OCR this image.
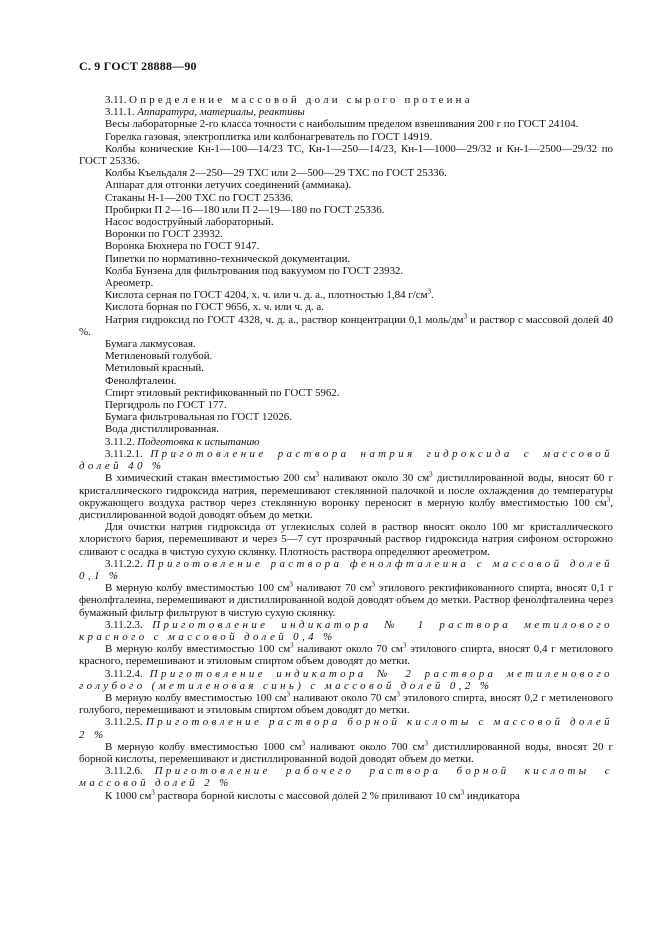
С. 9 ГОСТ 28888—90

3.11. Определение массовой доли сырого протеина

3.11.1. Аппаратура, материалы, реактивы

Весы лабораторные 2-го класса точности с наибольшим пределом взвешивания 200 г по ГОСТ 24104.

Горелка газовая, электроплитка или колбонагреватель по ГОСТ 14919.

Колбы конические Кн-1—100—14/23 ТС, Кн-1—250—14/23, Кн-1—1000—29/32 и Кн-1—2500—29/32 по ГОСТ 25336.

Колбы Къельдаля 2—250—29 ТХС или 2—500—29 ТХС по ГОСТ 25336.

Аппарат для отгонки летучих соединений (аммиака).

Стаканы Н-1—200 ТХС по ГОСТ 25336.

Пробирки П 2—16—180 или П 2—19—180 по ГОСТ 25336.

Насос водоструйный лабораторный.

Воронки по ГОСТ 23932.

Воронка Бюхнера по ГОСТ 9147.

Пипетки по нормативно-технической документации.

Колба Бунзена для фильтрования под вакуумом по ГОСТ 23932.

Ареометр.

Кислота серная по ГОСТ 4204, х. ч. или ч. д. а., плотностью 1,84 $г/см^3$.

Кислота борная по ГОСТ 9656, х. ч. или ч. д. а.

Натрия гидроксид по ГОСТ 4328, ч. д. а., раствор концентрации 0,1 моль/$дм^3$ и раствор с массовой долей 40 %.

Бумага лакмусовая.

Метиленовый голубой.

Метиловый красный.

Фенолфталеин.

Спирт этиловый ректификованный по ГОСТ 5962.

Пергидроль по ГОСТ 177.

Бумага фильтровальная по ГОСТ 12026.

Вода дистиллированная.

3.11.2. Подготовка к испытанию

3.11.2.1. Приготовление раствора натрия гидроксида с массовой долей 40 %

В химический стакан вместимостью 200 $см^3$ наливают около 30 $см^3$ дистиллированной воды, вносят 60 г кристаллического гидроксида натрия, перемешивают стеклянной палочкой и после охлаждения до температуры окружающего воздуха раствор через стеклянную воронку переносят в мерную колбу вместимостью 100 $см^3$, дистиллированной водой доводят объем до метки.

Для очистки натрия гидроксида от углекислых солей в раствор вносят около 100 мг кристаллического хлористого бария, перемешивают и через 5—7 сут прозрачный раствор гидроксида натрия сифоном осторожно сливают с осадка в чистую сухую склянку. Плотность раствора определяют ареометром.

3.11.2.2. Приготовление раствора фенолфталеина с массовой долей 0,1 %

В мерную колбу вместимостью 100 $см^3$ наливают 70 $см^3$ этилового ректификованного спирта, вносят 0,1 г фенолфталеина, перемешивают и дистиллированной водой доводят объем до метки. Раствор фенолфталеина через бумажный фильтр фильтруют в чистую сухую склянку.

3.11.2.3. Приготовление индикатора № 1 раствора метилового красного с массовой долей 0,4 %

В мерную колбу вместимостью 100 $см^3$ наливают около 70 $см^3$ этилового спирта, вносят 0,4 г метилового красного, перемешивают и этиловым спиртом объем доводят до метки.

3.11.2.4. Приготовление индикатора № 2 раствора метиленового голубого (метиленовая синь) с массовой долей 0,2 %

В мерную колбу вместимостью 100 $см^3$ наливают около 70 $см^3$ этилового спирта, вносят 0,2 г метиленового голубого, перемешивают и этиловым спиртом объем доводят до метки.

3.11.2.5. Приготовление раствора борной кислоты с массовой долей 2 %

В мерную колбу вместимостью 1000 $см^3$ наливают около 700 $см^3$ дистиллированной воды, вносят 20 г борной кислоты, перемешивают и дистиллированной водой доводят объем до метки.

3.11.2.6. Приготовление рабочего раствора борной кислоты с массовой долей 2 %

К 1000 $см^3$ раствора борной кислоты с массовой долей 2 % приливают 10 $см^3$ индикатора
